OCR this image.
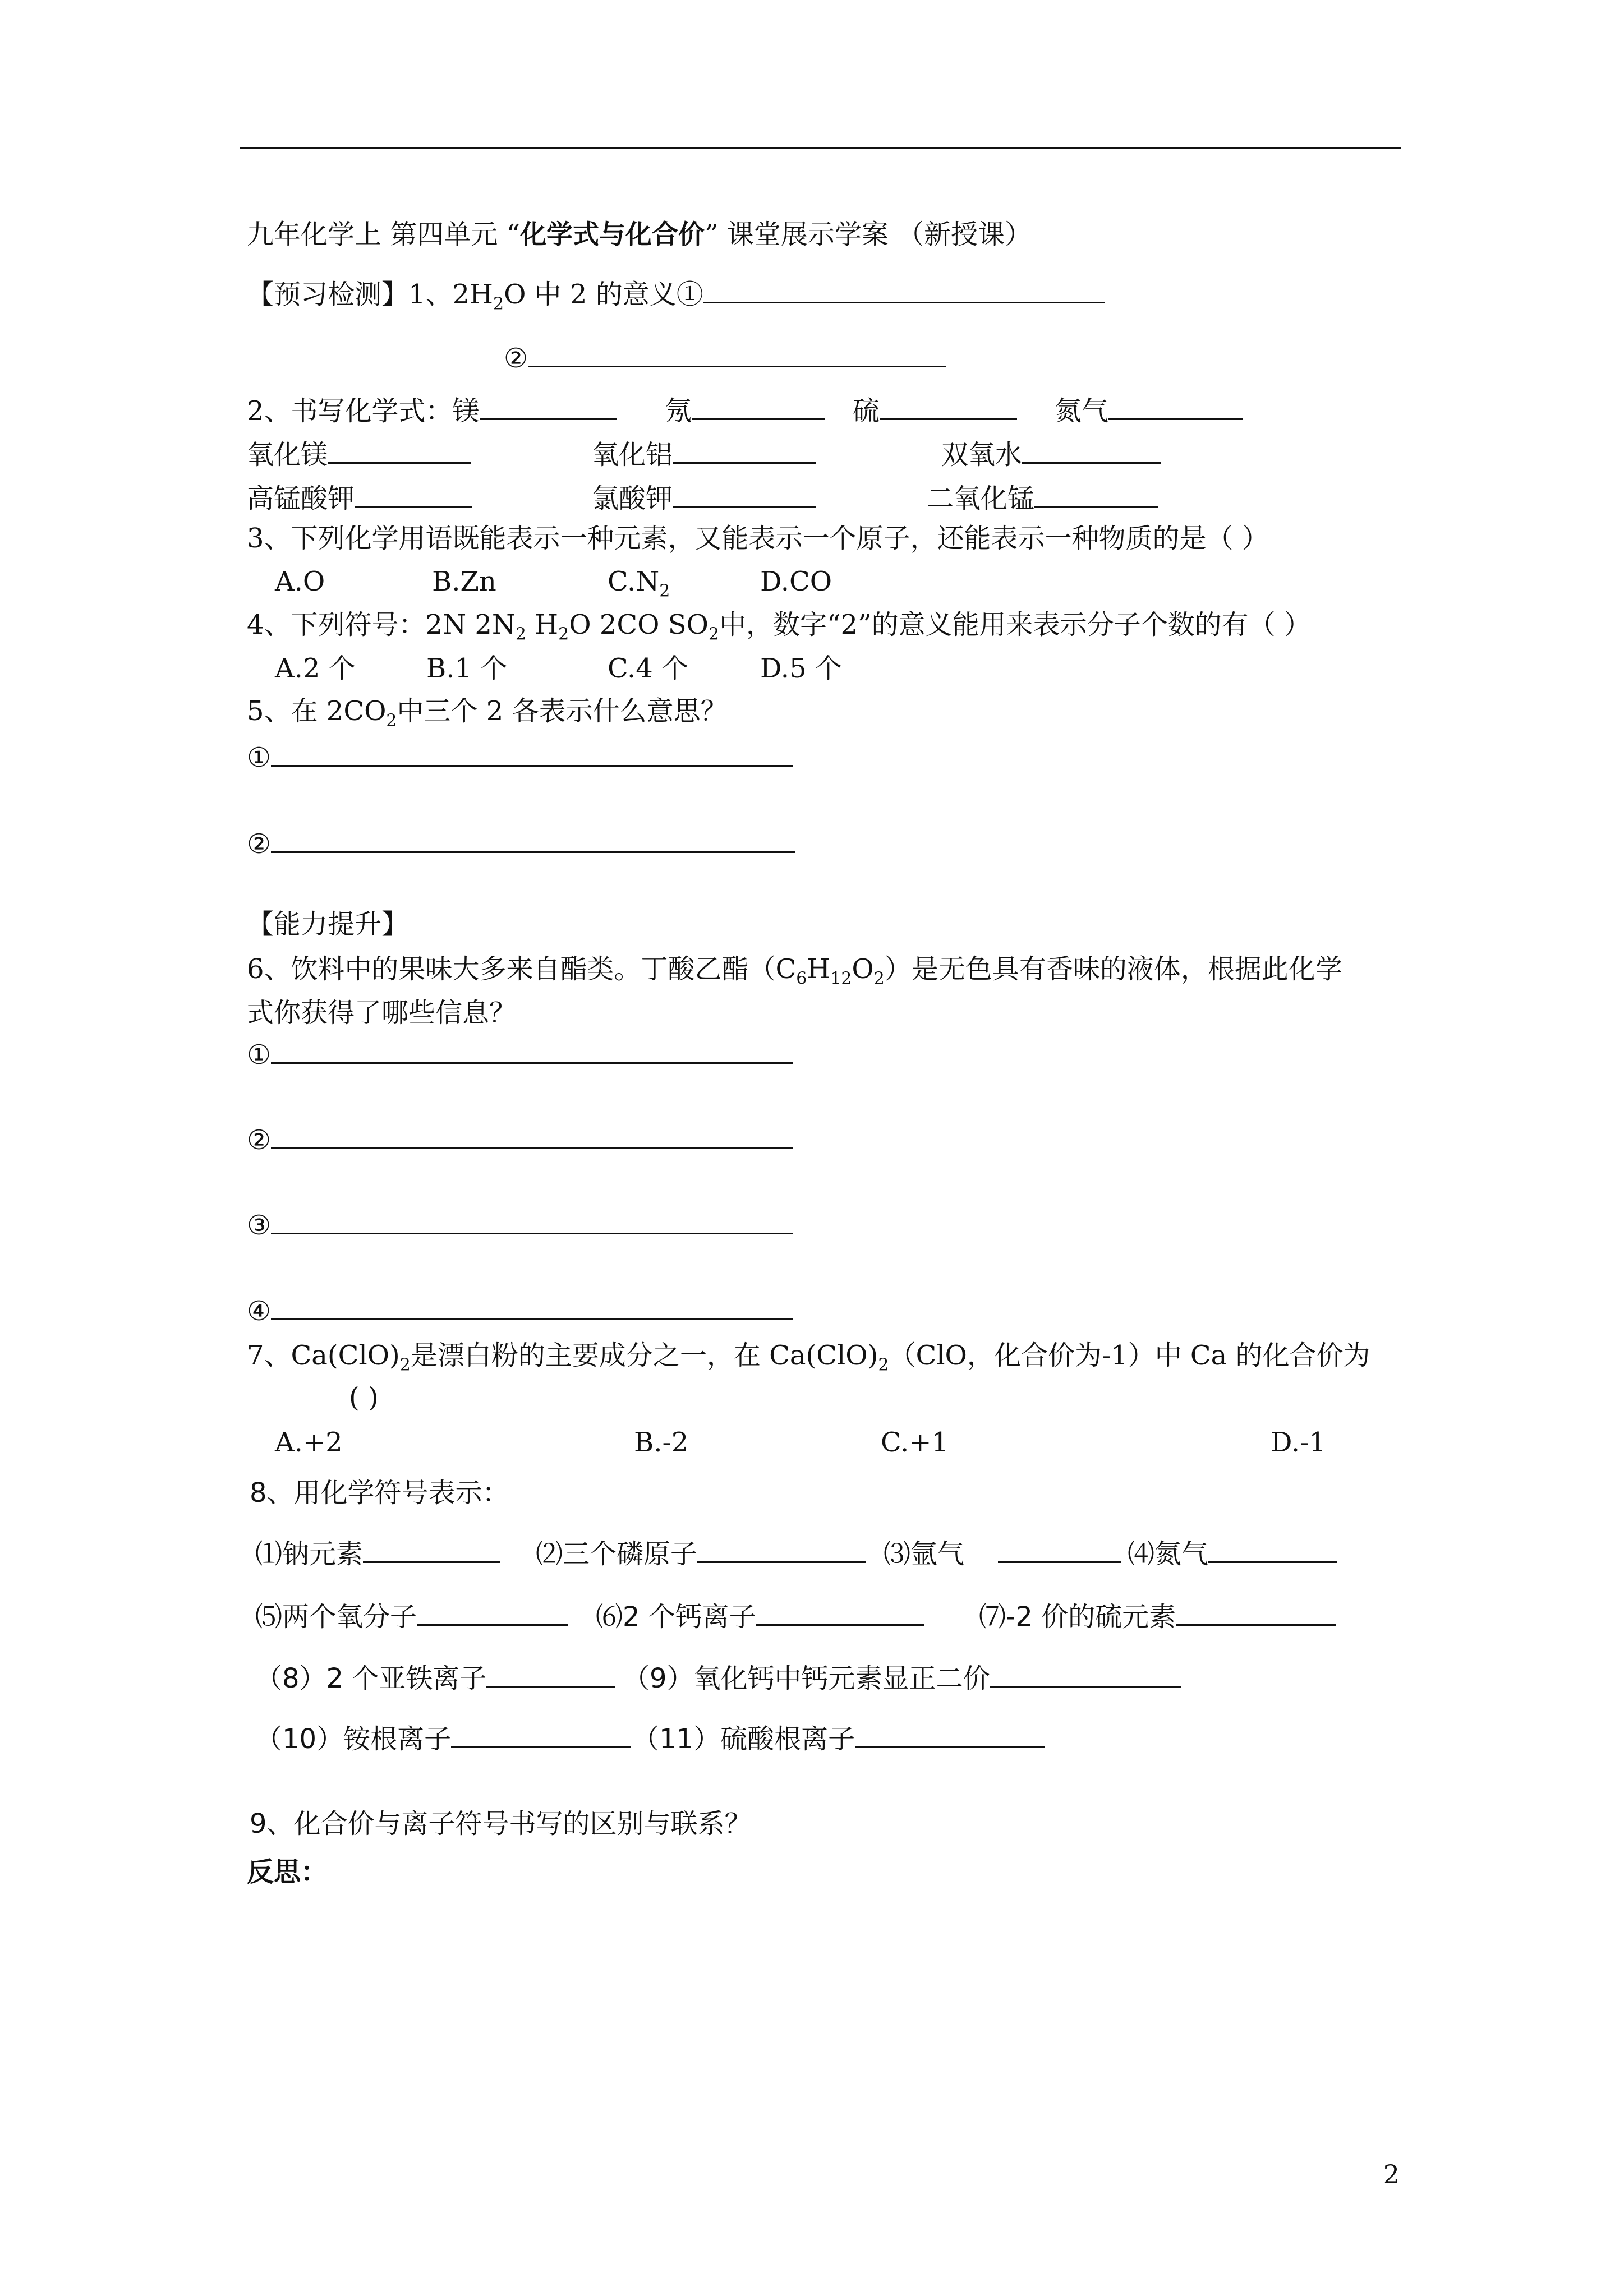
九年化学上 第四单元 “化学式与化合价” 课堂展示学案 （新授课）
【预习检测】1、$2H_2O$ 中 2 的意义①
②
2、书写化学式：镁	氖	硫	氮气
氧化镁	氧化铝	双氧水
高锰酸钾	氯酸钾	二氧化锰
3、下列化学用语既能表示一种元素，又能表示一个原子，还能表示一种物质的是（ ）
A.O	B.Zn	$C.N_2$	D.CO
4、下列符号：2N $2N_2$ $H_2O$ 2CO $SO_2$中，数字“2”的意义能用来表示分子个数的有（ ）
A.2 个	B.1 个	C.4 个	D.5 个
5、在 $2CO_2$中三个 2 各表示什么意思？
①
②
【能力提升】
6、饮料中的果味大多来自酯类。丁酸乙酯$(C_6H_{12}O_2)$是无色具有香味的液体，根据此化学
式你获得了哪些信息？
①
②
③
④
7、$Ca(ClO)_2$是漂白粉的主要成分之一，在 $Ca(ClO)_2(ClO$，化合价为-1）中 Ca 的化合价为
( )
A.+2	B.-2	C.+1	D.-1
8、用化学符号表示：
⑴钠元素	⑵三个磷原子	⑶氩气	⑷氮气
⑸两个氧分子	⑹2 个钙离子	⑺-2 价的硫元素
（8）2 个亚铁离子	（9）氧化钙中钙元素显正二价
（10）铵根离子	（11）硫酸根离子
9、化合价与离子符号书写的区别与联系？
反思：
2
